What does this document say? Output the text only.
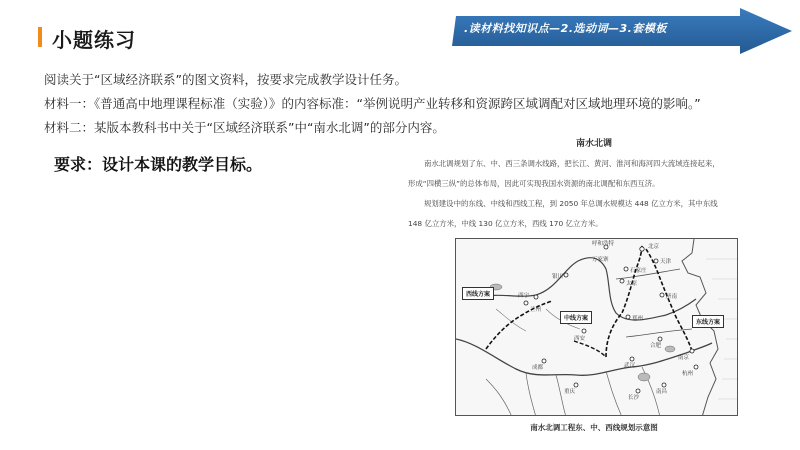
小题练习	.读材料找知识点—2.选动词—3.套模板
阅读关于“区域经济联系”的图文资料，按要求完成教学设计任务。
材料一：《普通高中地理课程标准（实验）》的内容标准：“举例说明产业转移和资源跨区域调配对区域地理环境的影响。”
材料二：某版本教科书中关于“区域经济联系”中“南水北调”的部分内容。
要求：设计本课的教学目标。
南水北调
南水北调规划了东、中、西三条调水线路，把长江、黄河、淮河和海河四大流域连接起来，
形成“四横三纵”的总体布局，因此可实现我国水资源的南北调配和东西互济。
规划建设中的东线、中线和西线工程，到 2050 年总调水规模达 448 亿立方米，其中东线
148 亿立方米，中线 130 亿立方米，西线 170 亿立方米。
呼和浩特	北京
天津
万家寨
石家庄
太原
济南
银川
西宁
兰州
郑州
西安
合肥
南京
杭州
武汉
成都
重庆
长沙
南昌
西线方案
中线方案
东线方案
南水北调工程东、中、西线规划示意图
